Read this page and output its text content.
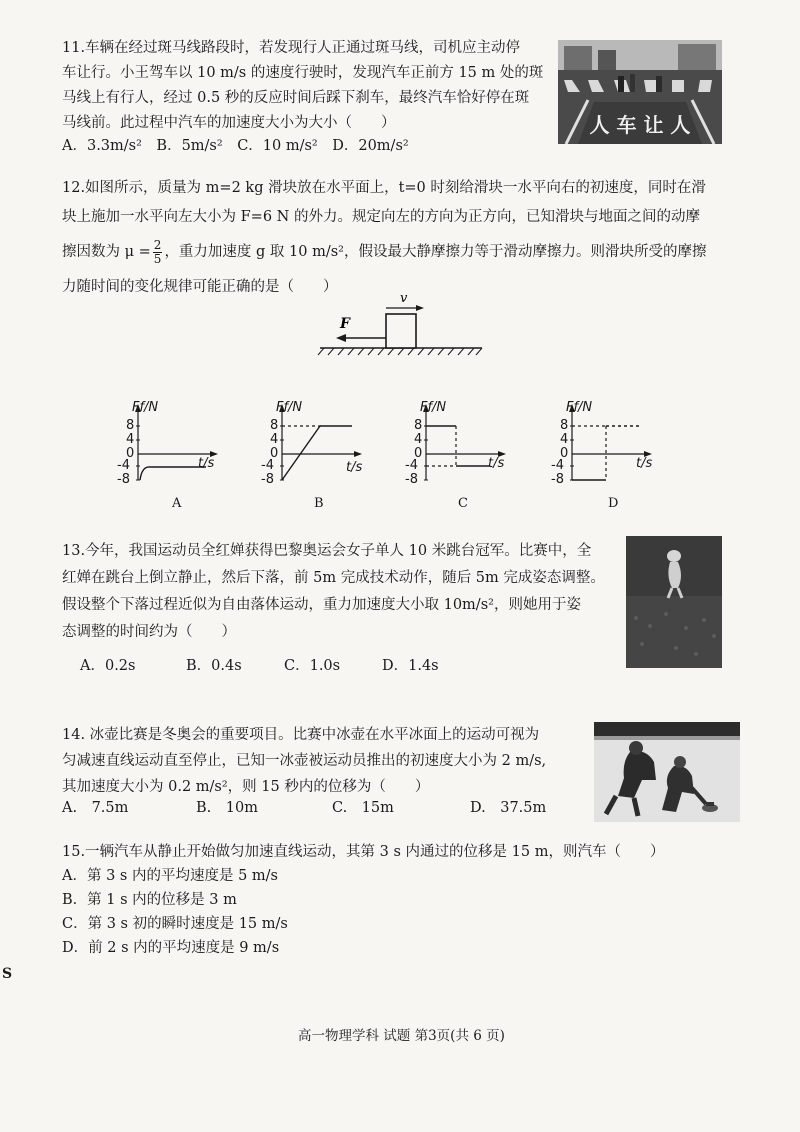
11.车辆在经过斑马线路段时，若发现行人正通过斑马线，司机应主动停
车让行。小王驾车以 10 m/s 的速度行驶时，发现汽车正前方 15 m 处的斑
马线上有行人，经过 0.5 秒的反应时间后踩下刹车，最终汽车恰好停在斑
马线前。此过程中汽车的加速度大小为大小（　　）
A．3.3m/s²　B．5m/s²　C．10 m/s²　D．20m/s²
人 车 让 人
12.如图所示，质量为 m=2 kg 滑块放在水平面上，t=0 时刻给滑块一水平向右的初速度，同时在滑
块上施加一水平向左大小为 F=6 N 的外力。规定向左的方向为正方向，已知滑块与地面之间的动摩
擦因数为 $\mu = \frac{2}{5}$ ，重力加速度 g 取 10 m/s²，假设最大静摩擦力等于滑动摩擦力。则滑块所受的摩擦
力随时间的变化规律可能正确的是（　　）
F
v
Ff/N
t/s
8
4
0
-4
-8
A
Ff/N
t/s
8
4
0
-4
-8
B
Ff/N
t/s
8
4
0
-4
-8
C
Ff/N
t/s
8
4
0
-4
-8
D
13.今年，我国运动员全红婵获得巴黎奥运会女子单人 10 米跳台冠军。比赛中，全
红婵在跳台上倒立静止，然后下落，前 5m 完成技术动作，随后 5m 完成姿态调整。
假设整个下落过程近似为自由落体运动，重力加速度大小取 10m/s²，则她用于姿
态调整的时间约为（　　）
A．0.2s	B．0.4s	C．1.0s	D．1.4s
14. 冰壶比赛是冬奥会的重要项目。比赛中冰壶在水平冰面上的运动可视为
匀减速直线运动直至停止，已知一冰壶被运动员推出的初速度大小为 2 m/s,
其加速度大小为 0.2 m/s²，则 15 秒内的位移为（　　）
A.　7.5m	B.　10m	C.　15m	D.　37.5m
15.一辆汽车从静止开始做匀加速直线运动，其第 3 s 内通过的位移是 15 m，则汽车（　　）
A．第 3 s 内的平均速度是 5 m/s
B．第 1 s 内的位移是 3 m
C．第 3 s 初的瞬时速度是 15 m/s
D．前 2 s 内的平均速度是 9 m/s
S
高一物理学科 试题 第3页(共 6 页)
